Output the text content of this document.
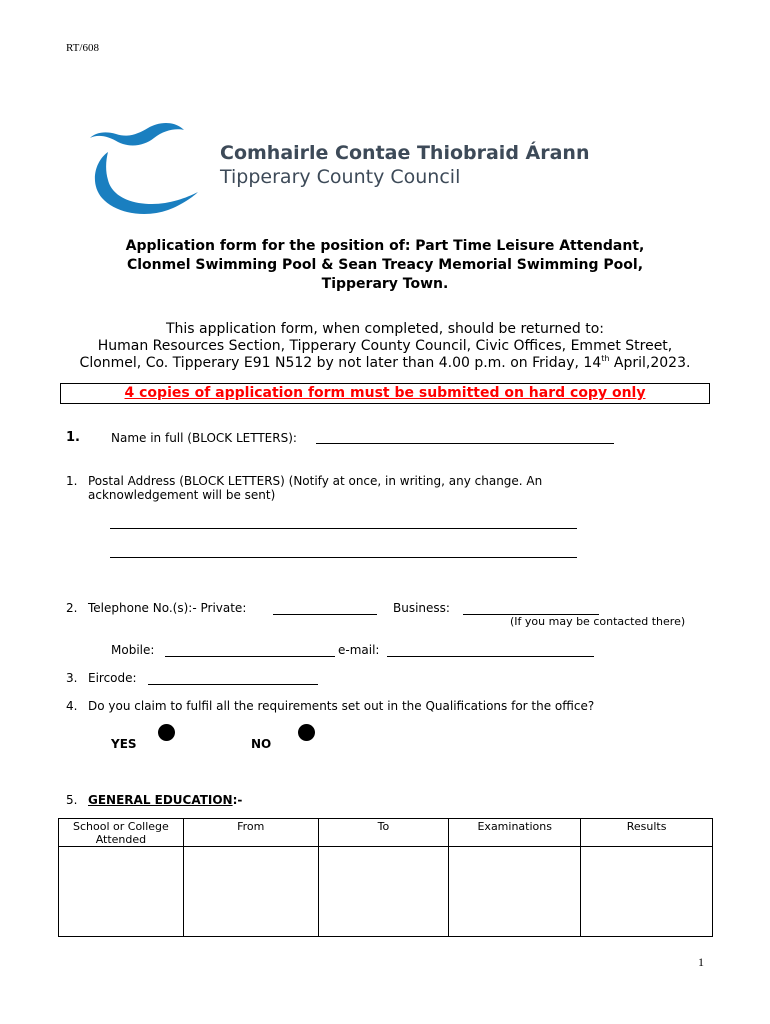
RT/608
Comhairle Contae Thiobraid Árann
Tipperary County Council
Application form for the position of: Part Time Leisure Attendant,
Clonmel Swimming Pool & Sean Treacy Memorial Swimming Pool,
Tipperary Town.
This application form, when completed, should be returned to:
Human Resources Section, Tipperary County Council, Civic Offices, Emmet Street,
Clonmel, Co. Tipperary E91 N512 by not later than 4.00 p.m. on Friday, 14th April,2023.
4 copies of application form must be submitted on hard copy only
1.	Name in full (BLOCK LETTERS):
1. Postal Address (BLOCK LETTERS) (Notify at once, in writing, any change. An
acknowledgement will be sent)
2. Telephone No.(s):- Private:	Business:
(If you may be contacted there)
Mobile:	e-mail:
3. Eircode:
4. Do you claim to fulfil all the requirements set out in the Qualifications for the office?
YES	NO
5. GENERAL EDUCATION:-
School or College Attended	From	To	Examinations	Results

1
